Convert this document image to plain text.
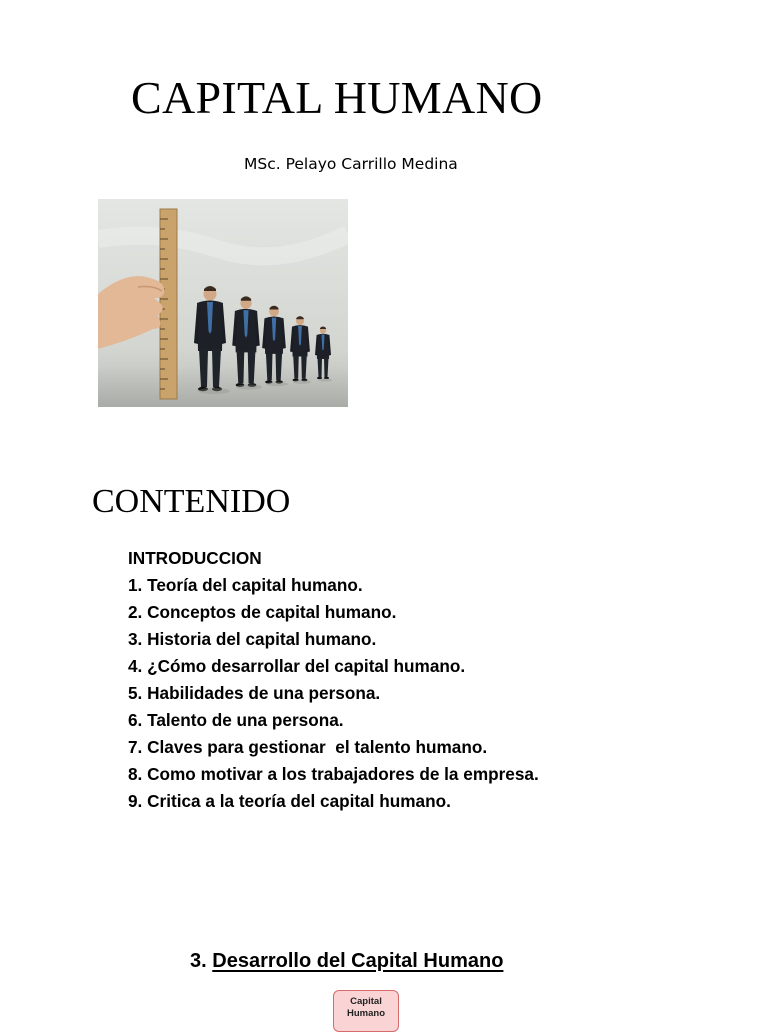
CAPITAL HUMANO
MSc. Pelayo Carrillo Medina
CONTENIDO
INTRODUCCION
1. Teoría del capital humano.
2. Conceptos de capital humano.
3. Historia del capital humano.
4. ¿Cómo desarrollar del capital humano.
5. Habilidades de una persona.
6. Talento de una persona.
7. Claves para gestionar  el talento humano.
8. Como motivar a los trabajadores de la empresa.
9. Critica a la teoría del capital humano.
3. Desarrollo del Capital Humano
Capital
Humano
